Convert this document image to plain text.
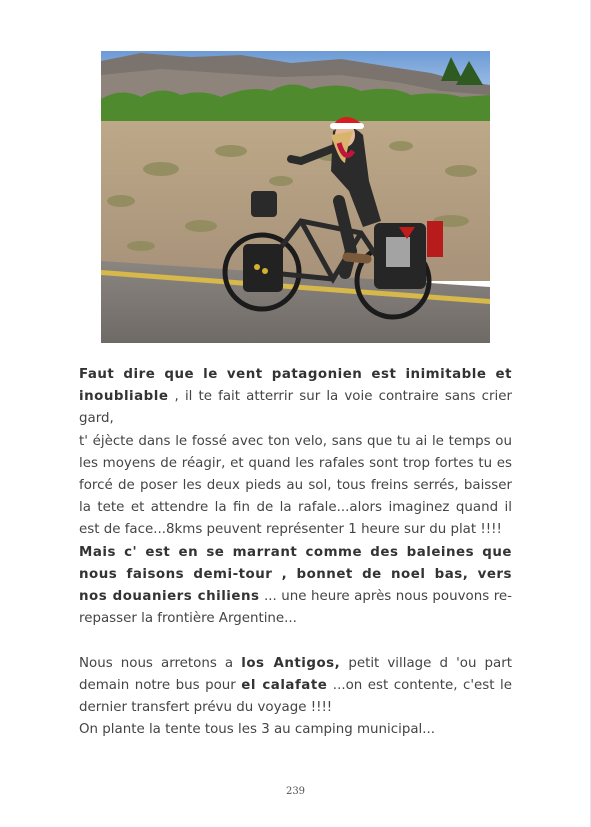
Faut dire que le vent patagonien est inimitable et inoubliable , il te fait atterrir sur la voie contraire sans crier gard,

t' éjècte dans le fossé avec ton velo, sans que tu ai le temps ou les moyens de réagir, et quand les rafales sont trop fortes tu es forcé de poser les deux pieds au sol, tous freins serrés, baisser la tete et attendre la fin de la rafale...alors imaginez quand il est de face...8kms peuvent représenter 1 heure sur du plat !!!!

Mais c' est en se marrant comme des baleines que nous faisons demi-tour , bonnet de noel bas, vers nos douaniers chiliens ... une heure après nous pouvons re-repasser la frontière Argentine...

Nous nous arretons a los Antigos, petit village d 'ou part demain notre bus pour el calafate ...on est contente, c'est le dernier transfert prévu du voyage !!!!

On plante la tente tous les 3 au camping municipal...

239
